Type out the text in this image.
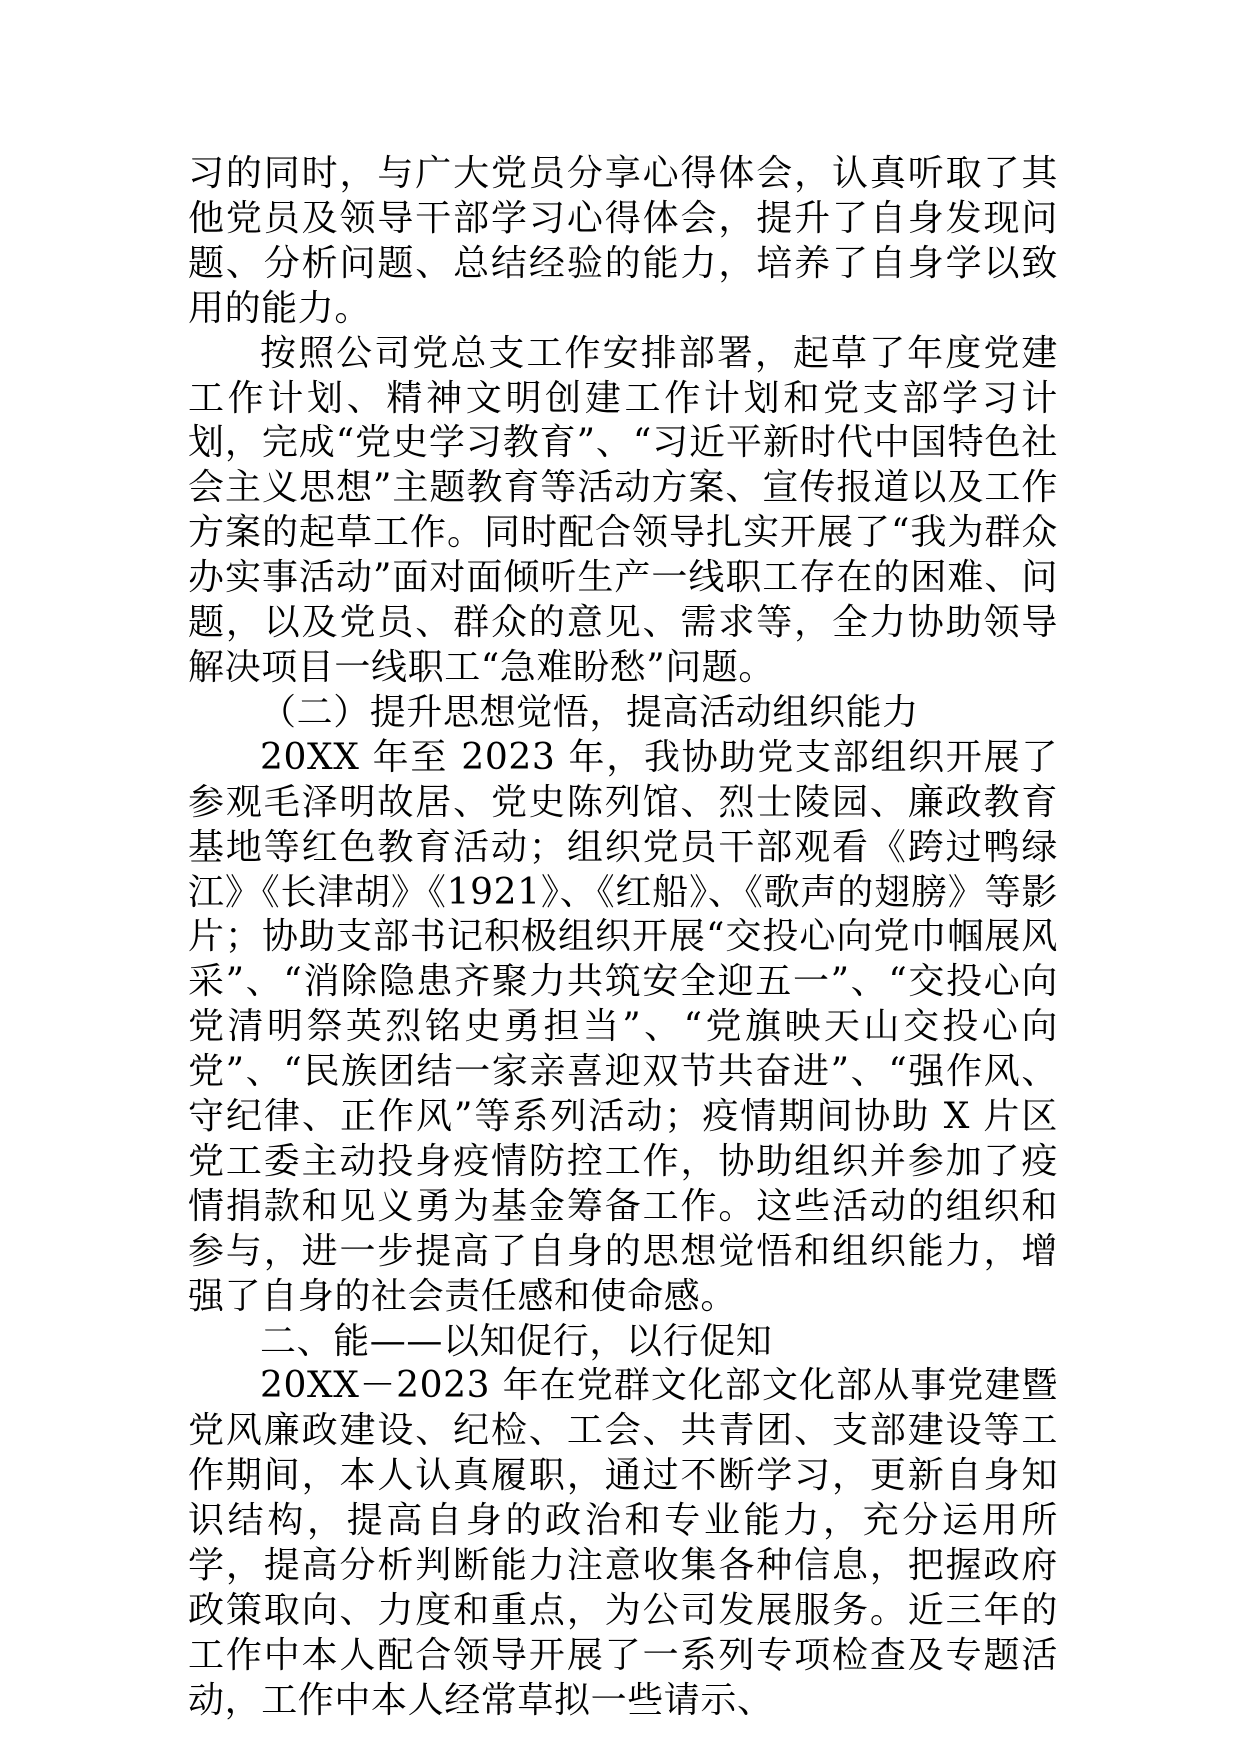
习的同时，与广大党员分享心得体会，认真听取了其他党员及领导干部学习心得体会，提升了自身发现问题、分析问题、总结经验的能力，培养了自身学以致用的能力。

按照公司党总支工作安排部署，起草了年度党建工作计划、精神文明创建工作计划和党支部学习计划，完成“党史学习教育”、“习近平新时代中国特色社会主义思想”主题教育等活动方案、宣传报道以及工作方案的起草工作。同时配合领导扎实开展了“我为群众办实事活动”面对面倾听生产一线职工存在的困难、问题，以及党员、群众的意见、需求等，全力协助领导解决项目一线职工“急难盼愁”问题。

（二）提升思想觉悟，提高活动组织能力

20XX 年至 2023 年，我协助党支部组织开展了参观毛泽明故居、党史陈列馆、烈士陵园、廉政教育基地等红色教育活动；组织党员干部观看《跨过鸭绿江》《长津胡》《1921》、《红船》、《歌声的翅膀》等影片；协助支部书记积极组织开展“交投心向党巾帼展风采”、“消除隐患齐聚力共筑安全迎五一”、“交投心向党清明祭英烈铭史勇担当”、“党旗映天山交投心向党”、“民族团结一家亲喜迎双节共奋进”、“强作风、守纪律、正作风”等系列活动；疫情期间协助 X 片区党工委主动投身疫情防控工作，协助组织并参加了疫情捐款和见义勇为基金筹备工作。这些活动的组织和参与，进一步提高了自身的思想觉悟和组织能力，增强了自身的社会责任感和使命感。

二、能——以知促行，以行促知

20XX－2023 年在党群文化部文化部从事党建暨党风廉政建设、纪检、工会、共青团、支部建设等工作期间，本人认真履职，通过不断学习，更新自身知识结构，提高自身的政治和专业能力，充分运用所学，提高分析判断能力注意收集各种信息，把握政府政策取向、力度和重点，为公司发展服务。近三年的工作中本人配合领导开展了一系列专项检查及专题活动，工作中本人经常草拟一些请示、
